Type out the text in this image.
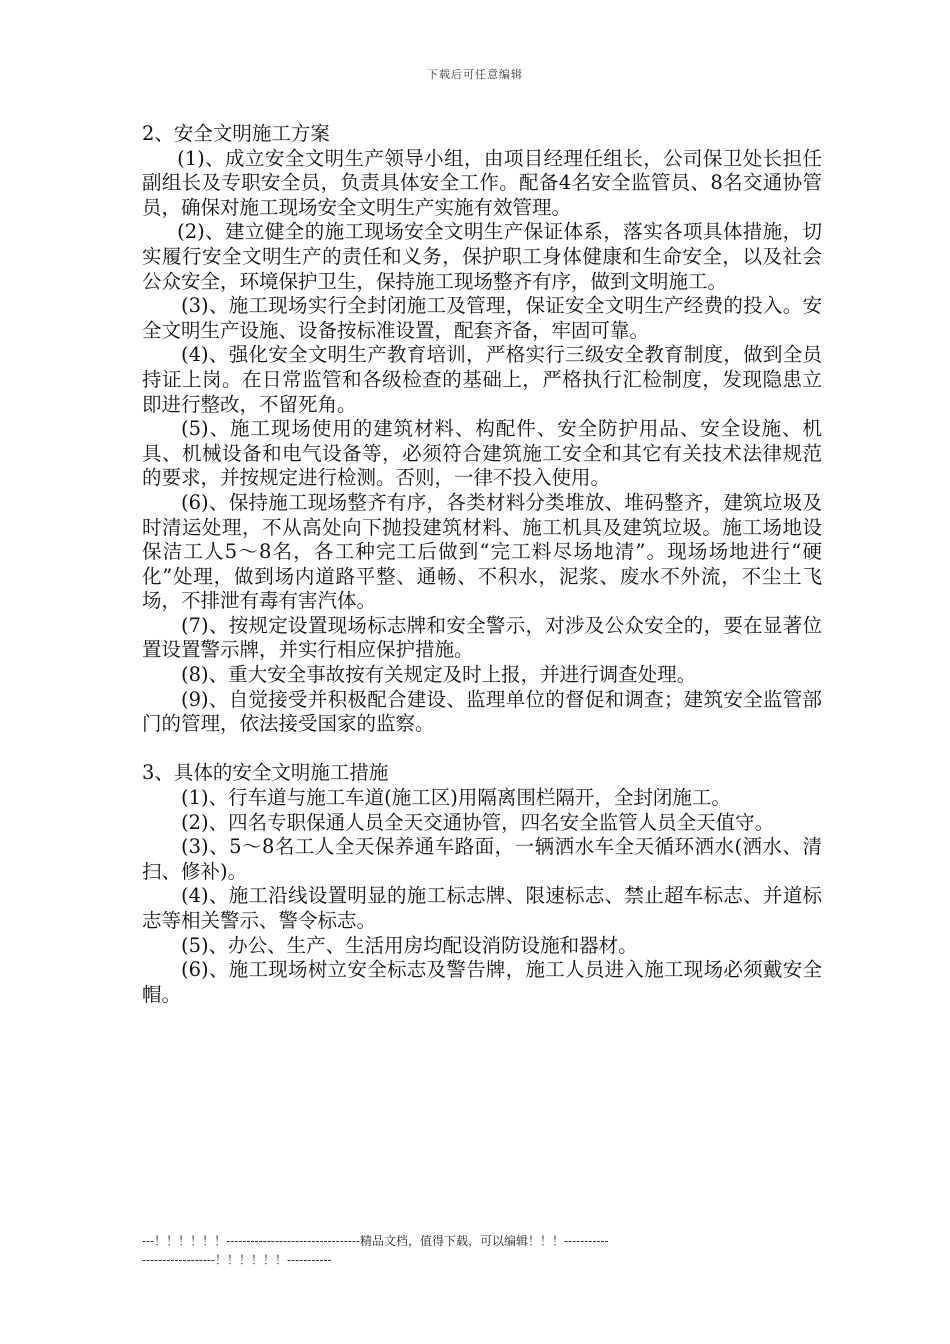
下载后可任意编辑

2、安全文明施工方案

(1)、成立安全文明生产领导小组，由项目经理任组长，公司保卫处长担任副组长及专职安全员，负责具体安全工作。配备4名安全监管员、8名交通协管员，确保对施工现场安全文明生产实施有效管理。

(2)、建立健全的施工现场安全文明生产保证体系，落实各项具体措施，切实履行安全文明生产的责任和义务，保护职工身体健康和生命安全，以及社会公众安全，环境保护卫生，保持施工现场整齐有序，做到文明施工。

(3)、施工现场实行全封闭施工及管理，保证安全文明生产经费的投入。安全文明生产设施、设备按标准设置，配套齐备，牢固可靠。

(4)、强化安全文明生产教育培训，严格实行三级安全教育制度，做到全员持证上岗。在日常监管和各级检查的基础上，严格执行汇检制度，发现隐患立即进行整改，不留死角。

(5)、施工现场使用的建筑材料、构配件、安全防护用品、安全设施、机具、机械设备和电气设备等，必须符合建筑施工安全和其它有关技术法律规范的要求，并按规定进行检测。否则，一律不投入使用。

(6)、保持施工现场整齐有序，各类材料分类堆放、堆码整齐，建筑垃圾及时清运处理，不从高处向下抛投建筑材料、施工机具及建筑垃圾。施工场地设保洁工人5～8名，各工种完工后做到“完工料尽场地清”。现场场地进行“硬化”处理，做到场内道路平整、通畅、不积水，泥浆、废水不外流，不尘土飞场，不排泄有毒有害汽体。

(7)、按规定设置现场标志牌和安全警示，对涉及公众安全的，要在显著位置设置警示牌，并实行相应保护措施。

(8)、重大安全事故按有关规定及时上报，并进行调查处理。

(9)、自觉接受并积极配合建设、监理单位的督促和调查；建筑安全监管部门的管理，依法接受国家的监察。

3、具体的安全文明施工措施

(1)、行车道与施工车道(施工区)用隔离围栏隔开，全封闭施工。

(2)、四名专职保通人员全天交通协管，四名安全监管人员全天值守。

(3)、5～8名工人全天保养通车路面，一辆洒水车全天循环洒水(洒水、清扫、修补)。

(4)、施工沿线设置明显的施工标志牌、限速标志、禁止超车标志、并道标志等相关警示、警令标志。

(5)、办公、生产、生活用房均配设消防设施和器材。

(6)、施工现场树立安全标志及警告牌，施工人员进入施工现场必须戴安全帽。

---！！！！！！---------------------------------精品文档，值得下载，可以编辑！！！-----------------------------！！！！！！-----------
